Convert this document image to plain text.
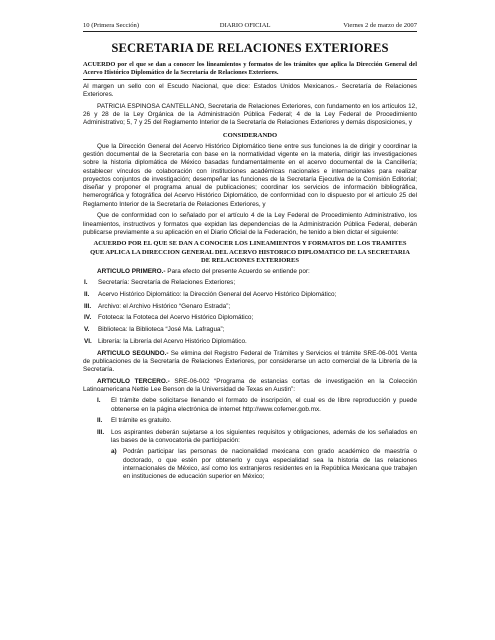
10 (Primera Sección)	DIARIO OFICIAL	Viernes 2 de marzo de 2007
SECRETARIA DE RELACIONES EXTERIORES
ACUERDO por el que se dan a conocer los lineamientos y formatos de los trámites que aplica la Dirección General del Acervo Histórico Diplomático de la Secretaría de Relaciones Exteriores.

Al margen un sello con el Escudo Nacional, que dice: Estados Unidos Mexicanos.- Secretaría de Relaciones Exteriores.

PATRICIA ESPINOSA CANTELLANO, Secretaria de Relaciones Exteriores, con fundamento en los artículos 12, 26 y 28 de la Ley Orgánica de la Administración Pública Federal; 4 de la Ley Federal de Procedimiento Administrativo; 5, 7 y 25 del Reglamento Interior de la Secretaría de Relaciones Exteriores y demás disposiciones, y

CONSIDERANDO

Que la Dirección General del Acervo Histórico Diplomático tiene entre sus funciones la de dirigir y coordinar la gestión documental de la Secretaría con base en la normatividad vigente en la materia, dirigir las investigaciones sobre la historia diplomática de México basadas fundamentalmente en el acervo documental de la Cancillería; establecer vínculos de colaboración con instituciones académicas nacionales e internacionales para realizar proyectos conjuntos de investigación; desempeñar las funciones de la Secretaría Ejecutiva de la Comisión Editorial; diseñar y proponer el programa anual de publicaciones; coordinar los servicios de información bibliográfica, hemerográfica y fotográfica del Acervo Histórico Diplomático, de conformidad con lo dispuesto por el artículo 25 del Reglamento Interior de la Secretaría de Relaciones Exteriores, y

Que de conformidad con lo señalado por el artículo 4 de la Ley Federal de Procedimiento Administrativo, los lineamientos, instructivos y formatos que expidan las dependencias de la Administración Pública Federal, deberán publicarse previamente a su aplicación en el Diario Oficial de la Federación, he tenido a bien dictar el siguiente:

ACUERDO POR EL QUE SE DAN A CONOCER LOS LINEAMIENTOS Y FORMATOS DE LOS TRAMITES QUE APLICA LA DIRECCION GENERAL DEL ACERVO HISTORICO DIPLOMATICO DE LA SECRETARIA DE RELACIONES EXTERIORES

ARTICULO PRIMERO.- Para efecto del presente Acuerdo se entiende por:

I.	Secretaría: Secretaría de Relaciones Exteriores;
II.	Acervo Histórico Diplomático: la Dirección General del Acervo Histórico Diplomático;
III.	Archivo: el Archivo Histórico “Genaro Estrada”;
IV.	Fototeca: la Fototeca del Acervo Histórico Diplomático;
V.	Biblioteca: la Biblioteca “José Ma. Lafragua”;
VI. Librería: la Librería del Acervo Histórico Diplomático.

ARTICULO SEGUNDO.- Se elimina del Registro Federal de Trámites y Servicios el trámite SRE-06-001 Venta de publicaciones de la Secretaría de Relaciones Exteriores, por considerarse un acto comercial de la Librería de la Secretaría.

ARTICULO TERCERO.- SRE-06-002 “Programa de estancias cortas de investigación en la Colección Latinoamericana Nettie Lee Benson de la Universidad de Texas en Austin”:

I.	El trámite debe solicitarse llenando el formato de inscripción, el cual es de libre reproducción y puede obtenerse en la página electrónica de internet http://www.cofemer.gob.mx.
II.	El trámite es gratuito.
III.	Los aspirantes deberán sujetarse a los siguientes requisitos y obligaciones, además de los señalados en las bases de la convocatoria de participación:
a) Podrán participar las personas de nacionalidad mexicana con grado académico de maestría o doctorado, o que estén por obtenerlo y cuya especialidad sea la historia de las relaciones internacionales de México, así como los extranjeros residentes en la República Mexicana que trabajen en instituciones de educación superior en México;
